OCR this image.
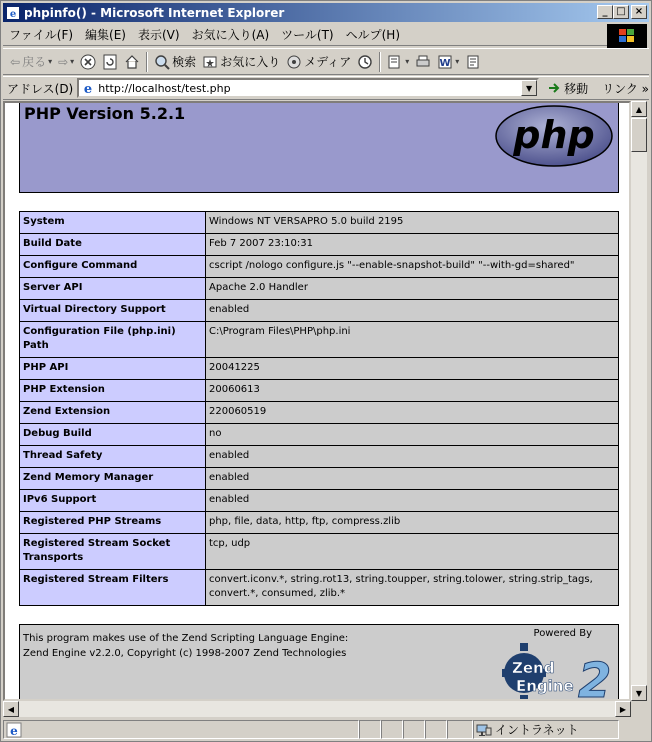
e phpinfo() - Microsoft Internet Explorer	_ □ ×
ファイル(F)	編集(E)	表示(V)	お気に入り(A)	ツール(T)	ヘルプ(H)
⇦ 戻る ▾ ⇨ ▾	検索 お気に入り メディア	▾	W ▾
アドレス(D) e http://localhost/test.php	▼	移動 リンク »
PHP Version 5.2.1	php
System	Windows NT VERSAPRO 5.0 build 2195
Build Date	Feb 7 2007 23:10:31
Configure Command	cscript /nologo configure.js "--enable-snapshot-build" "--with-gd=shared"
Server API	Apache 2.0 Handler
Virtual Directory Support	enabled
Configuration File (php.ini) Path	C:\Program Files\PHP\php.ini
PHP API	20041225
PHP Extension	20060613
Zend Extension	220060519
Debug Build	no
Thread Safety	enabled
Zend Memory Manager	enabled
IPv6 Support	enabled
Registered PHP Streams	php, file, data, http, ftp, compress.zlib
Registered Stream Socket Transports	tcp, udp
Registered Stream Filters	convert.iconv.*, string.rot13, string.toupper, string.tolower, string.strip_tags, convert.*, consumed, zlib.*
This program makes use of the Zend Scripting Language Engine:
Zend Engine v2.2.0, Copyright (c) 1998-2007 Zend Technologies
Powered By
Zend
Engine 2
▲
▼
◀	▶
e	イントラネット
